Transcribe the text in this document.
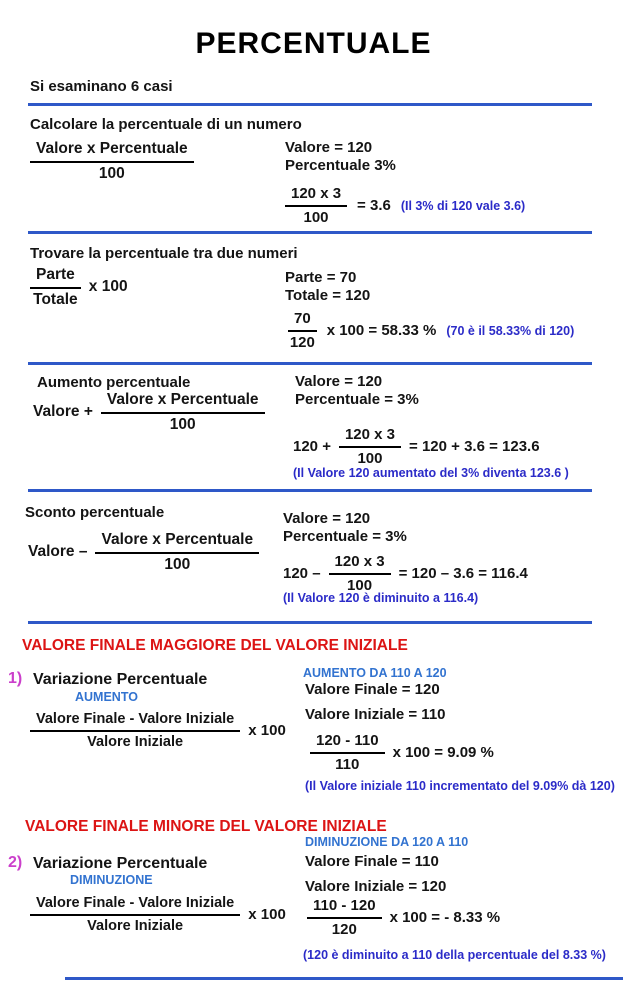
PERCENTUALE
Si esaminano 6 casi
Calcolare la percentuale di un numero
Valore x Percentuale
100
Valore = 120
Percentuale 3%
$\frac{120 x 3}{100} = 3.6$ (Il 3% di 120 vale 3.6)
Trovare la percentuale tra due numeri
$\frac{\text{Parte}}{\text{Totale}}$ x 100
Parte = 70
Totale = 120
$\frac{70}{120}$ x 100 = 58.33 % (70 è il 58.33% di 120)
Aumento percentuale
Valore + $\frac{\text{Valore x Percentuale}}{100}$
Valore = 120
Percentuale = 3%
$120 + \frac{120 x 3}{100} = 120 + 3.6 = 123.6$
(Il Valore 120 aumentato del 3% diventa 123.6 )
Sconto percentuale
Valore – $\frac{\text{Valore x Percentuale}}{100}$
Valore = 120
Percentuale = 3%
$120 - \frac{120 x 3}{100} = 120 - 3.6 = 116.4$
(Il Valore 120 è diminuito a 116.4)
VALORE FINALE MAGGIORE DEL VALORE INIZIALE
1) Variazione Percentuale
AUMENTO
AUMENTO DA 110 A 120
Valore Finale = 120
Valore Iniziale = 110
$\frac{\text{Valore Finale - Valore Iniziale}}{\text{Valore Iniziale}}$ x 100
$\frac{120 - 110}{110}$ x 100 = 9.09 %
(Il Valore iniziale 110 incrementato del 9.09% dà 120)
VALORE FINALE MINORE DEL VALORE INIZIALE
DIMINUZIONE DA 120 A 110
2) Variazione Percentuale
DIMINUZIONE
Valore Finale = 110
Valore Iniziale = 120
$\frac{\text{Valore Finale - Valore Iniziale}}{\text{Valore Iniziale}}$ x $100 \frac{110 - 120}{120}$ x 100 = - 8.33 %
(120 è diminuito a 110 della percentuale del 8.33 %)
